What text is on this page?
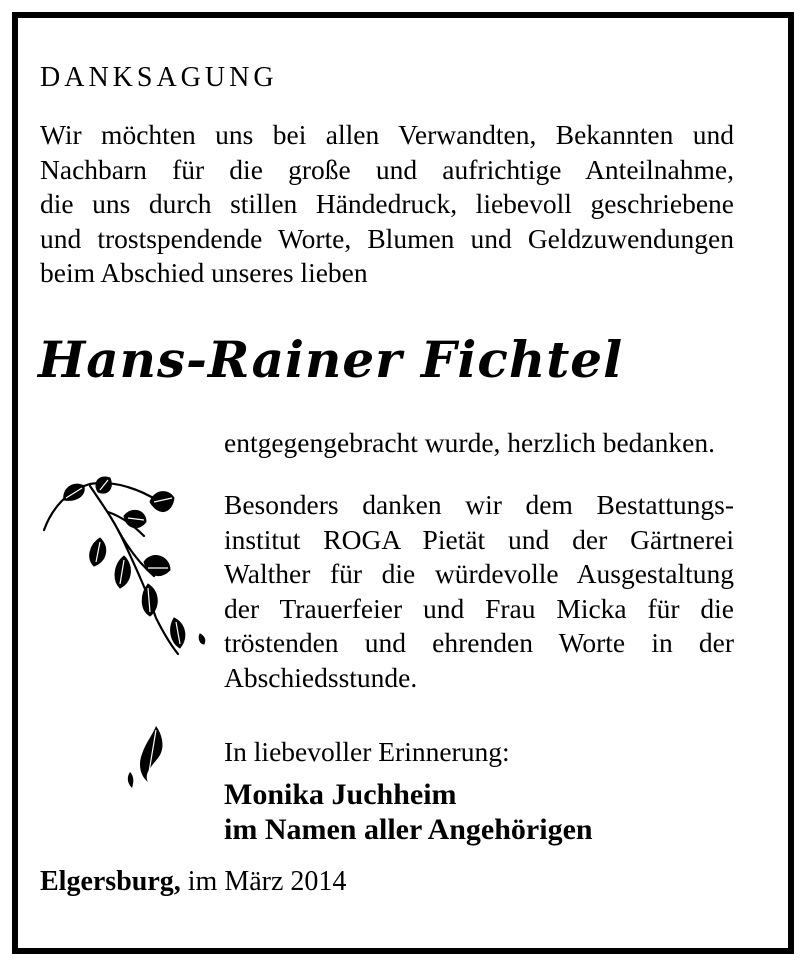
DANKSAGUNG
Wir möchten uns bei allen Verwandten, Bekannten und
Nachbarn für die große und aufrichtige Anteilnahme,
die uns durch stillen Händedruck, liebevoll geschriebene
und trostspendende Worte, Blumen und Geldzuwendungen
beim Abschied unseres lieben
Hans-Rainer Fichtel
entgegengebracht wurde, herzlich bedanken.
Besonders danken wir dem Bestattungs-
institut ROGA Pietät und der Gärtnerei
Walther für die würdevolle Ausgestaltung
der Trauerfeier und Frau Micka für die
tröstenden und ehrenden Worte in der
Abschiedsstunde.
In liebevoller Erinnerung:
Monika Juchheim
im Namen aller Angehörigen
Elgersburg, im März 2014
